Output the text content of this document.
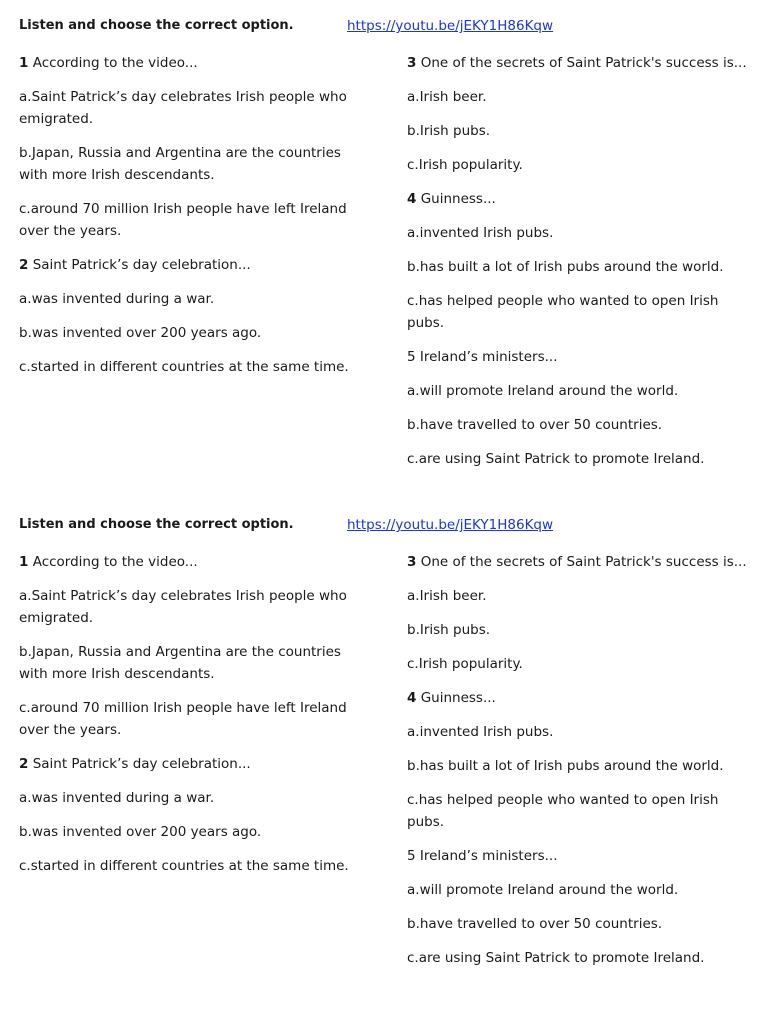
Listen and choose the correct option.	https://youtu.be/jEKY1H86Kqw

1 According to the video...

a.Saint Patrick’s day celebrates Irish people who emigrated.

b.Japan, Russia and Argentina are the countries with more Irish descendants.

c.around 70 million Irish people have left Ireland over the years.

2 Saint Patrick’s day celebration...

a.was invented during a war.

b.was invented over 200 years ago.

c.started in different countries at the same time.

3 One of the secrets of Saint Patrick's success is...

a.Irish beer.

b.Irish pubs.

c.Irish popularity.

4 Guinness...

a.invented Irish pubs.

b.has built a lot of Irish pubs around the world.

c.has helped people who wanted to open Irish pubs.

5 Ireland’s ministers...

a.will promote Ireland around the world.

b.have travelled to over 50 countries.

c.are using Saint Patrick to promote Ireland.

Listen and choose the correct option.	https://youtu.be/jEKY1H86Kqw

1 According to the video...

a.Saint Patrick’s day celebrates Irish people who emigrated.

b.Japan, Russia and Argentina are the countries with more Irish descendants.

c.around 70 million Irish people have left Ireland over the years.

2 Saint Patrick’s day celebration...

a.was invented during a war.

b.was invented over 200 years ago.

c.started in different countries at the same time.

3 One of the secrets of Saint Patrick's success is...

a.Irish beer.

b.Irish pubs.

c.Irish popularity.

4 Guinness...

a.invented Irish pubs.

b.has built a lot of Irish pubs around the world.

c.has helped people who wanted to open Irish pubs.

5 Ireland’s ministers...

a.will promote Ireland around the world.

b.have travelled to over 50 countries.

c.are using Saint Patrick to promote Ireland.
